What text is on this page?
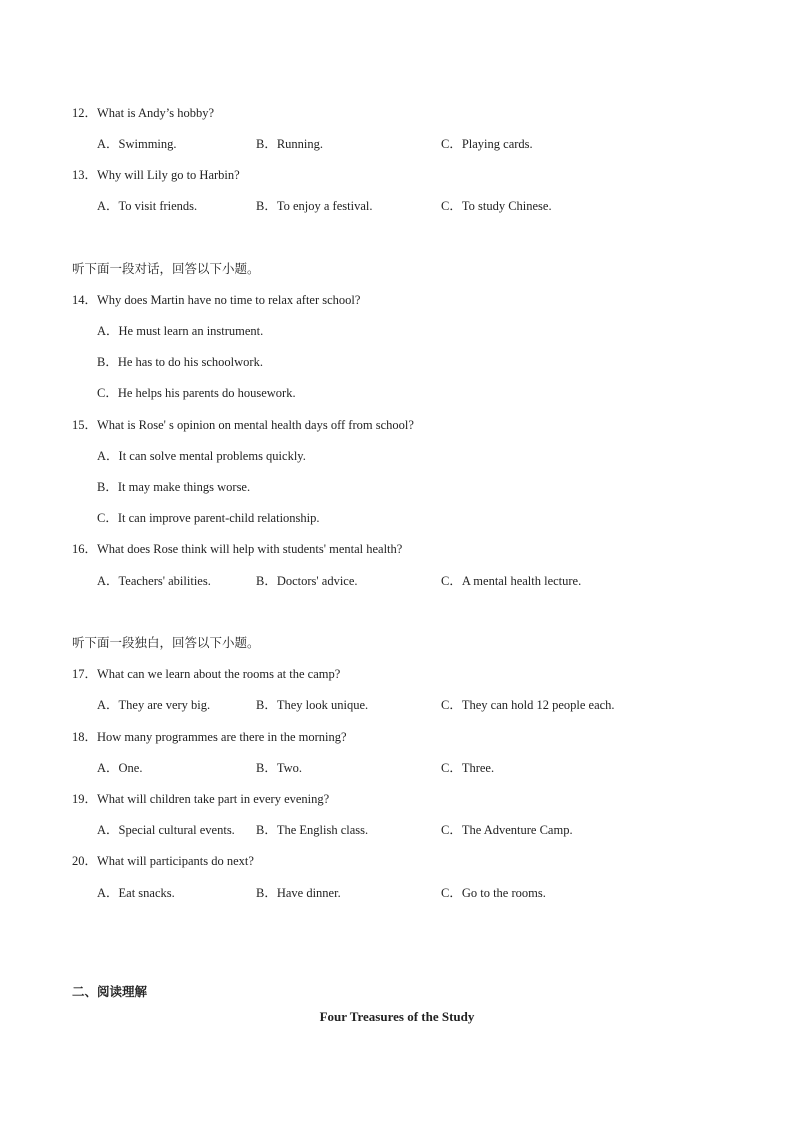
12．What is Andy’s hobby?
A．Swimming.	B．Running.	C．Playing cards.
13．Why will Lily go to Harbin?
A．To visit friends.	B．To enjoy a festival.	C．To study Chinese.
听下面一段对话，回答以下小题。
14．Why does Martin have no time to relax after school?
A．He must learn an instrument.
B．He has to do his schoolwork.
C．He helps his parents do housework.
15．What is Rose' s opinion on mental health days off from school?
A．It can solve mental problems quickly.
B．It may make things worse.
C．It can improve parent-child relationship.
16．What does Rose think will help with students' mental health?
A．Teachers' abilities.	B．Doctors' advice.	C．A mental health lecture.
听下面一段独白，回答以下小题。
17．What can we learn about the rooms at the camp?
A．They are very big.	B．They look unique.	C．They can hold 12 people each.
18．How many programmes are there in the morning?
A．One.	B．Two.	C．Three.
19．What will children take part in every evening?
A．Special cultural events. B．The English class.	C．The Adventure Camp.
20．What will participants do next?
A．Eat snacks.	B．Have dinner.	C．Go to the rooms.
二、阅读理解
Four Treasures of the Study
